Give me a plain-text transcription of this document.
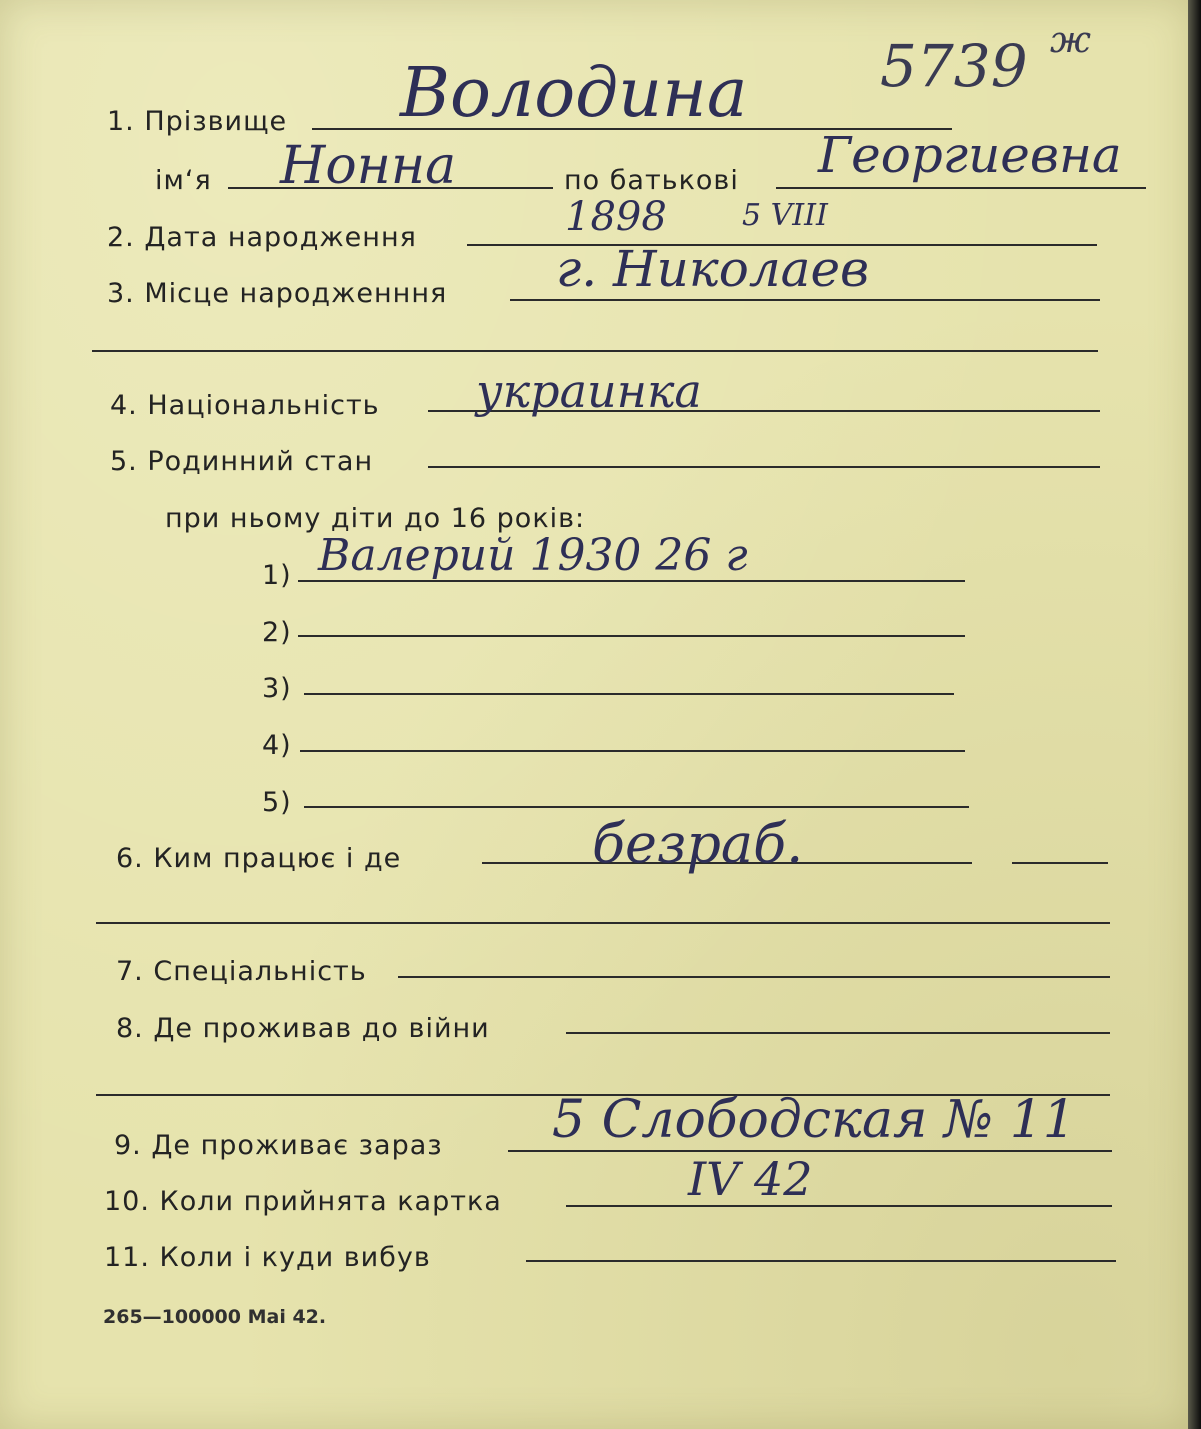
1. Прізвище Володина 5739 ж
ім‘я Нонна	по батькові Георгиевна
2. Дата народження	1898	5 VIII
3. Місце народженння г. Николаев
4. Національність украинка
5. Родинний стан
при ньому діти до 16 років:
1) Валерий 1930 26 г
2)
3)
4)
5)
6. Ким працює і де	безраб.
7. Спеціальність
8. Де проживав до війни
9. Де проживає зараз 5 Слободская № 11
10. Коли прийнята картка	IV 42
11. Коли і куди вибув
265—100000 Mai 42.
